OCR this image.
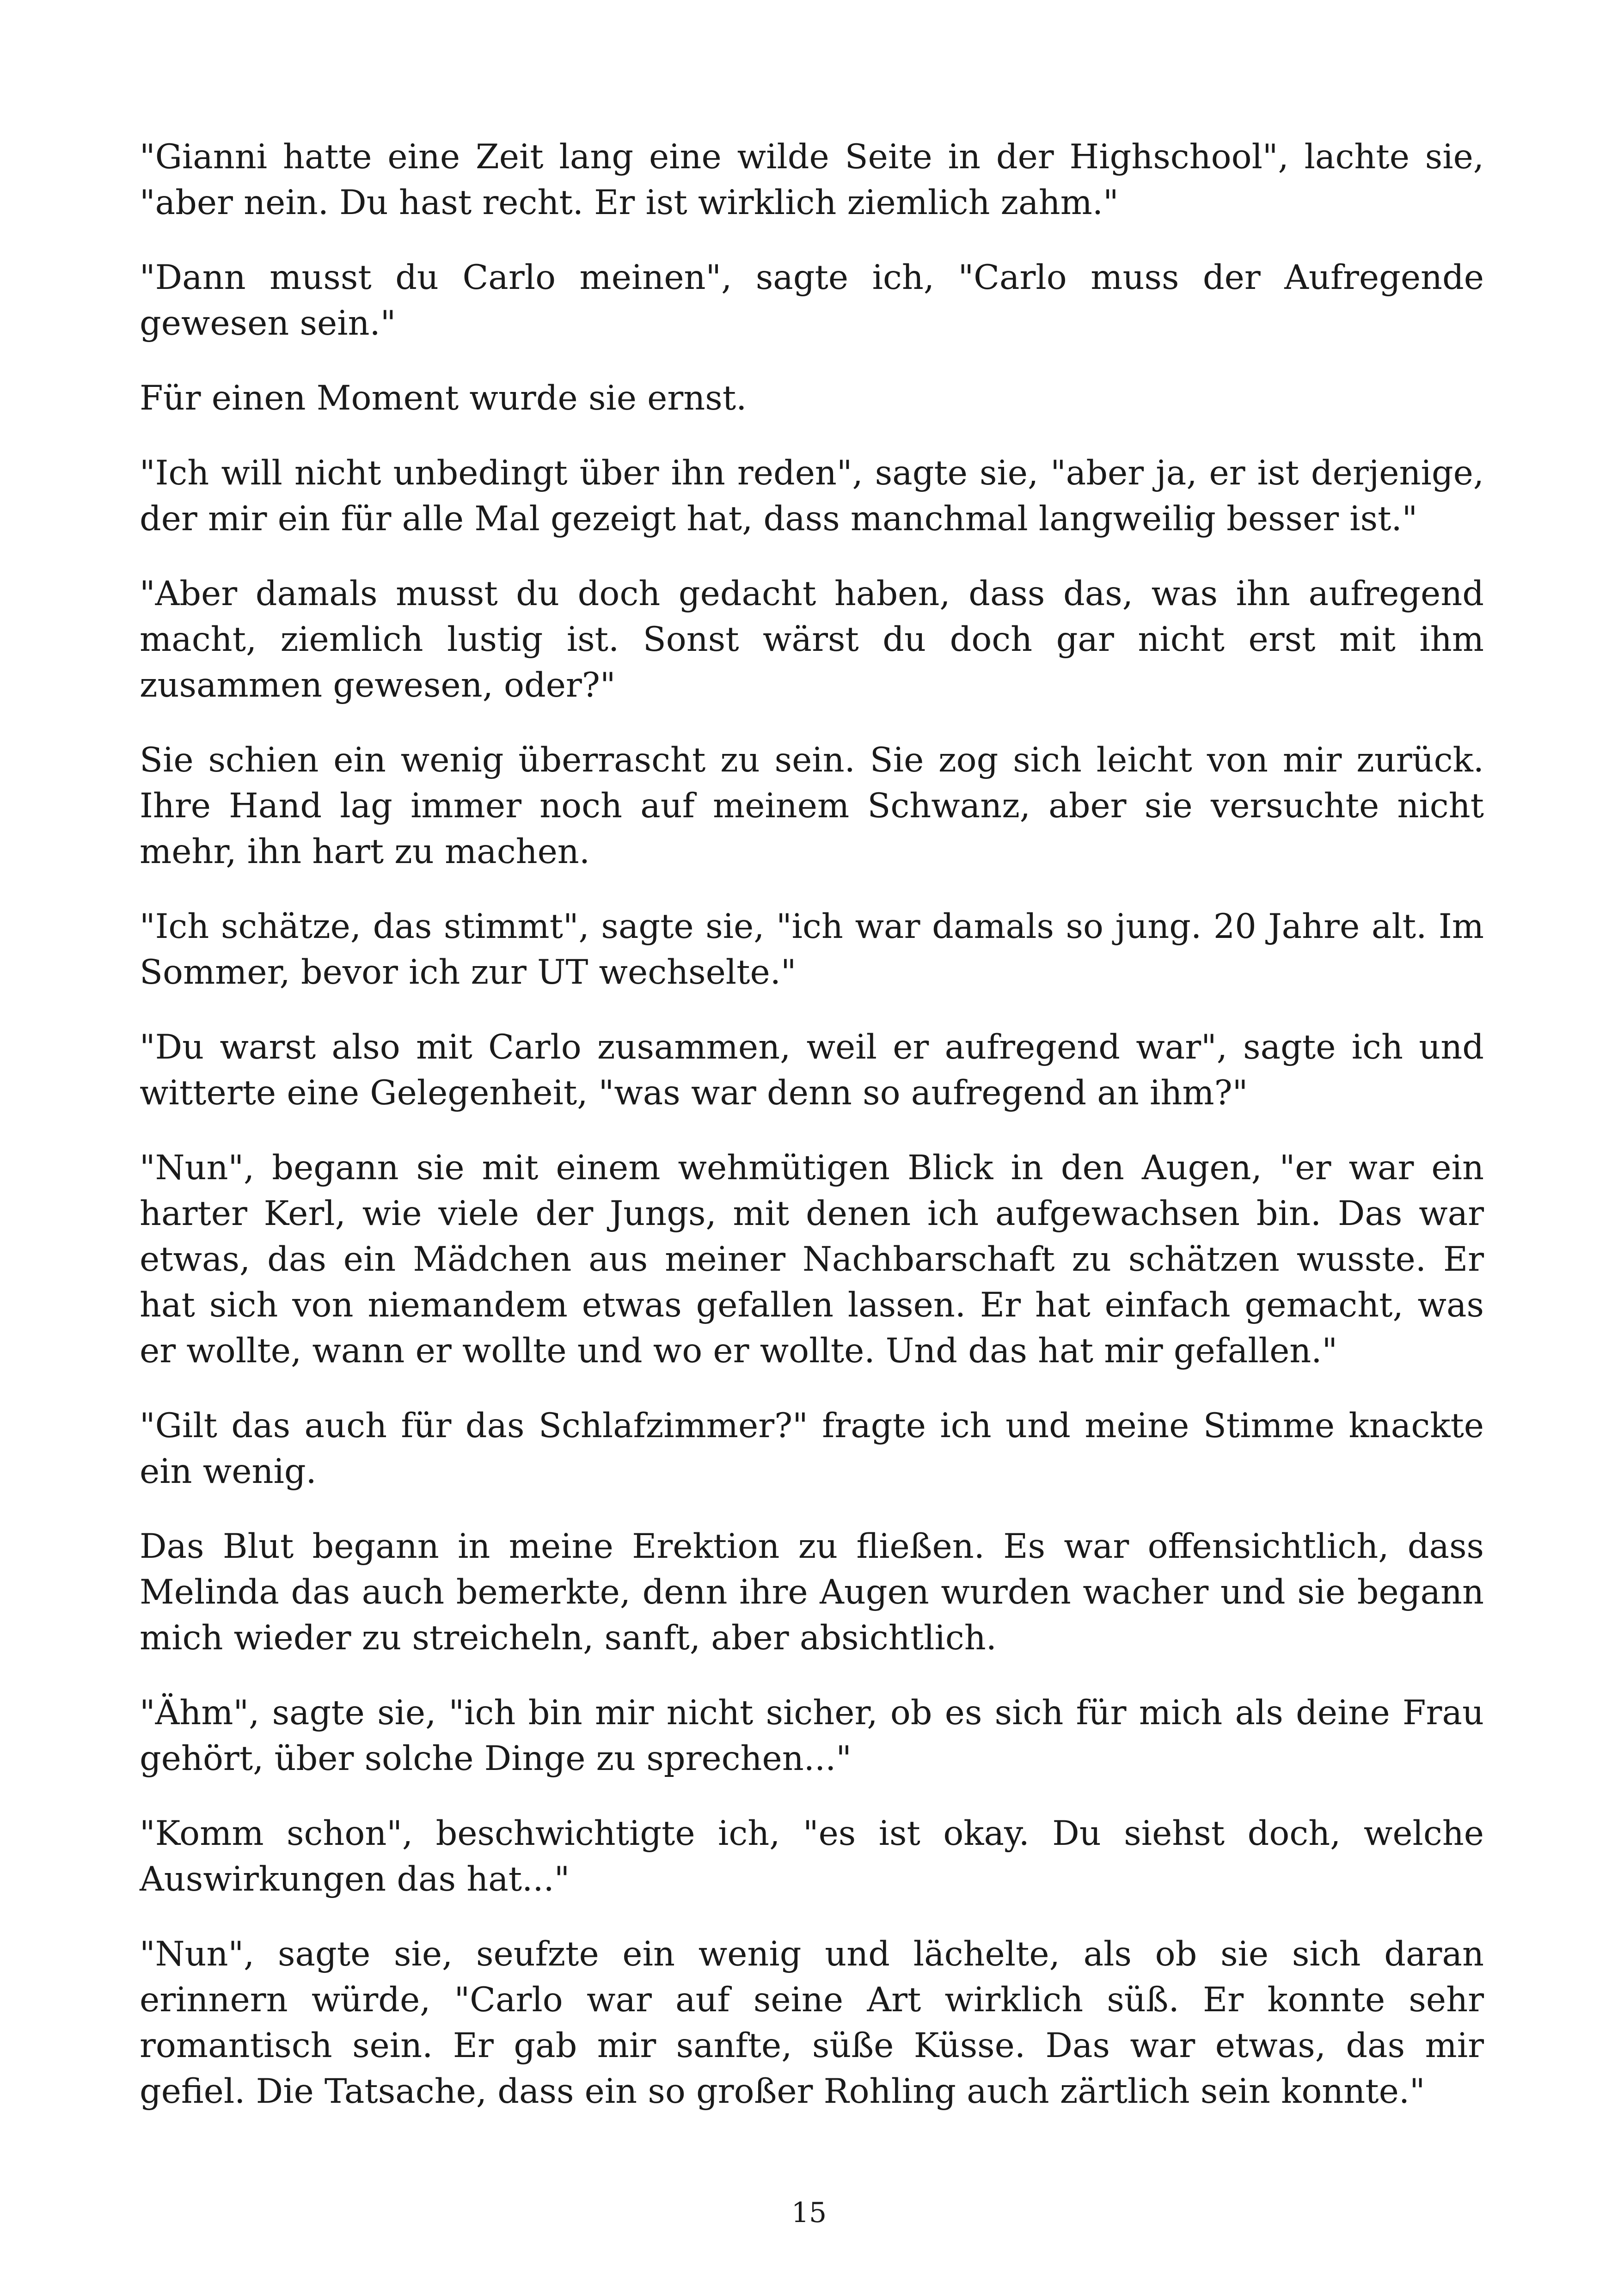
"Gianni hatte eine Zeit lang eine wilde Seite in der Highschool", lachte sie, "aber nein. Du hast recht. Er ist wirklich ziemlich zahm."

"Dann musst du Carlo meinen", sagte ich, "Carlo muss der Aufregende gewesen sein."

Für einen Moment wurde sie ernst.

"Ich will nicht unbedingt über ihn reden", sagte sie, "aber ja, er ist derjenige, der mir ein für alle Mal gezeigt hat, dass manchmal langweilig besser ist."

"Aber damals musst du doch gedacht haben, dass das, was ihn aufregend macht, ziemlich lustig ist. Sonst wärst du doch gar nicht erst mit ihm zusammen gewesen, oder?"

Sie schien ein wenig überrascht zu sein. Sie zog sich leicht von mir zurück. Ihre Hand lag immer noch auf meinem Schwanz, aber sie versuchte nicht mehr, ihn hart zu machen.

"Ich schätze, das stimmt", sagte sie, "ich war damals so jung. 20 Jahre alt. Im Sommer, bevor ich zur UT wechselte."

"Du warst also mit Carlo zusammen, weil er aufregend war", sagte ich und witterte eine Gelegenheit, "was war denn so aufregend an ihm?"

"Nun", begann sie mit einem wehmütigen Blick in den Augen, "er war ein harter Kerl, wie viele der Jungs, mit denen ich aufgewachsen bin. Das war etwas, das ein Mädchen aus meiner Nachbarschaft zu schätzen wusste. Er hat sich von niemandem etwas gefallen lassen. Er hat einfach gemacht, was er wollte, wann er wollte und wo er wollte. Und das hat mir gefallen."

"Gilt das auch für das Schlafzimmer?" fragte ich und meine Stimme knackte ein wenig.

Das Blut begann in meine Erektion zu fließen. Es war offensichtlich, dass Melinda das auch bemerkte, denn ihre Augen wurden wacher und sie begann mich wieder zu streicheln, sanft, aber absichtlich.

"Ähm", sagte sie, "ich bin mir nicht sicher, ob es sich für mich als deine Frau gehört, über solche Dinge zu sprechen..."

"Komm schon", beschwichtigte ich, "es ist okay. Du siehst doch, welche Auswirkungen das hat..."

"Nun", sagte sie, seufzte ein wenig und lächelte, als ob sie sich daran erinnern würde, "Carlo war auf seine Art wirklich süß. Er konnte sehr romantisch sein. Er gab mir sanfte, süße Küsse. Das war etwas, das mir gefiel. Die Tatsache, dass ein so großer Rohling auch zärtlich sein konnte."

15
